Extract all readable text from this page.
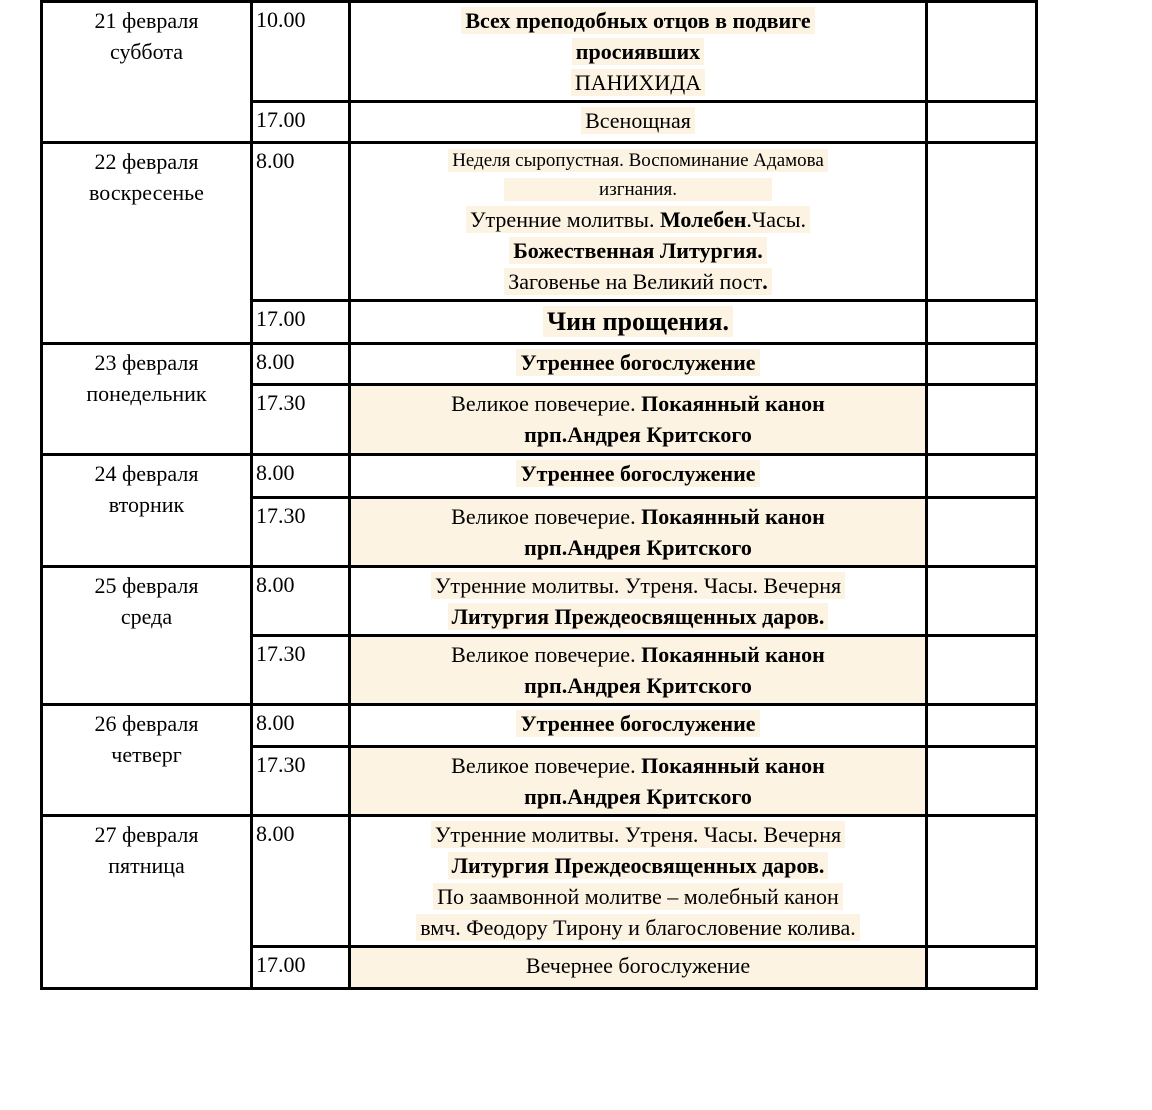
21 февраля
суббота
	10.00	Всех преподобных отцов в подвиге
просиявших
ПАНИХИДА

	17.00	Всенощная	

22 февраля
воскресенье
	8.00	Неделя сыропустная. Воспоминание Адамова
изгнания.
Утренние молитвы. Молебен.Часы.
Божественная Литургия.
Заговенье на Великий пост.

	17.00	Чин прощения.	

23 февраля
понедельник	8.00	Утреннее богослужение	

	17.30	Великое повечерие. Покаянный канон
прп.Андрея Критского	

24 февраля
вторник	8.00	Утреннее богослужение	

	17.30	Великое повечерие. Покаянный канон
прп.Андрея Критского	

25 февраля
среда
	8.00	Утренние молитвы. Утреня. Часы. Вечерня
Литургия Преждеосвященных даров.

	17.30	Великое повечерие. Покаянный канон
прп.Андрея Критского	

26 февраля
четверг	8.00	Утреннее богослужение	

	17.30	Великое повечерие. Покаянный канон
прп.Андрея Критского	

27 февраля
пятница
	8.00	Утренние молитвы. Утреня. Часы. Вечерня
Литургия Преждеосвященных даров.
По заамвонной молитве – молебный канон
вмч. Феодору Тирону и благословение колива.

	17.00	Вечернее богослужение	
